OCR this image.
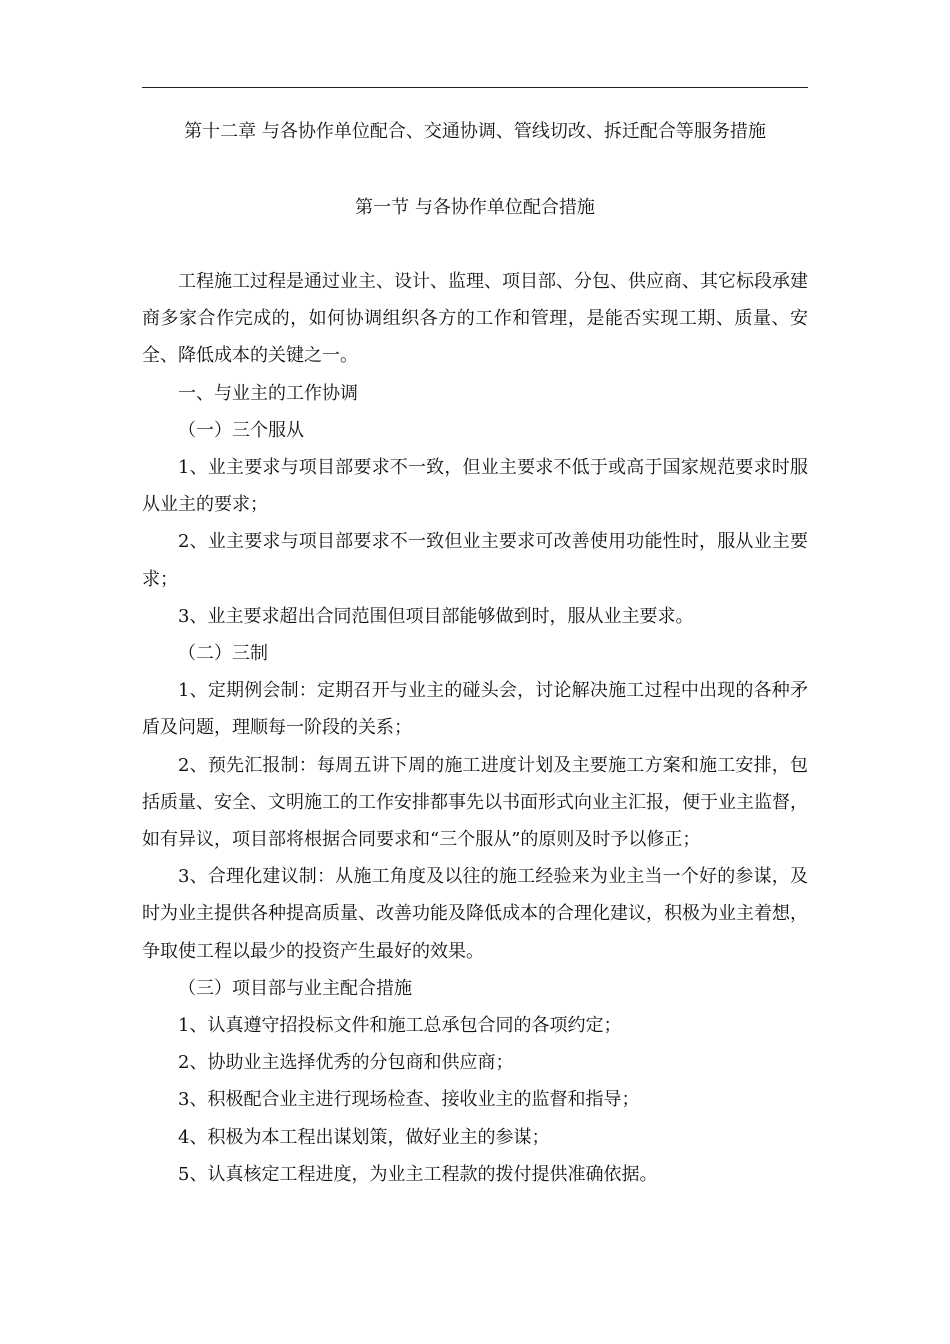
第十二章 与各协作单位配合、交通协调、管线切改、拆迁配合等服务措施
第一节 与各协作单位配合措施

工程施工过程是通过业主、设计、监理、项目部、分包、供应商、其它标段承建商多家合作完成的，如何协调组织各方的工作和管理，是能否实现工期、质量、安全、降低成本的关键之一。

一、与业主的工作协调

（一）三个服从

1、业主要求与项目部要求不一致，但业主要求不低于或高于国家规范要求时服从业主的要求；

2、业主要求与项目部要求不一致但业主要求可改善使用功能性时，服从业主要求；

3、业主要求超出合同范围但项目部能够做到时，服从业主要求。

（二）三制

1、定期例会制：定期召开与业主的碰头会，讨论解决施工过程中出现的各种矛盾及问题，理顺每一阶段的关系；

2、预先汇报制：每周五讲下周的施工进度计划及主要施工方案和施工安排，包括质量、安全、文明施工的工作安排都事先以书面形式向业主汇报，便于业主监督，如有异议，项目部将根据合同要求和“三个服从”的原则及时予以修正；

3、合理化建议制：从施工角度及以往的施工经验来为业主当一个好的参谋，及时为业主提供各种提高质量、改善功能及降低成本的合理化建议，积极为业主着想，争取使工程以最少的投资产生最好的效果。

（三）项目部与业主配合措施

1、认真遵守招投标文件和施工总承包合同的各项约定；

2、协助业主选择优秀的分包商和供应商；

3、积极配合业主进行现场检查、接收业主的监督和指导；

4、积极为本工程出谋划策，做好业主的参谋；

5、认真核定工程进度，为业主工程款的拨付提供准确依据。
